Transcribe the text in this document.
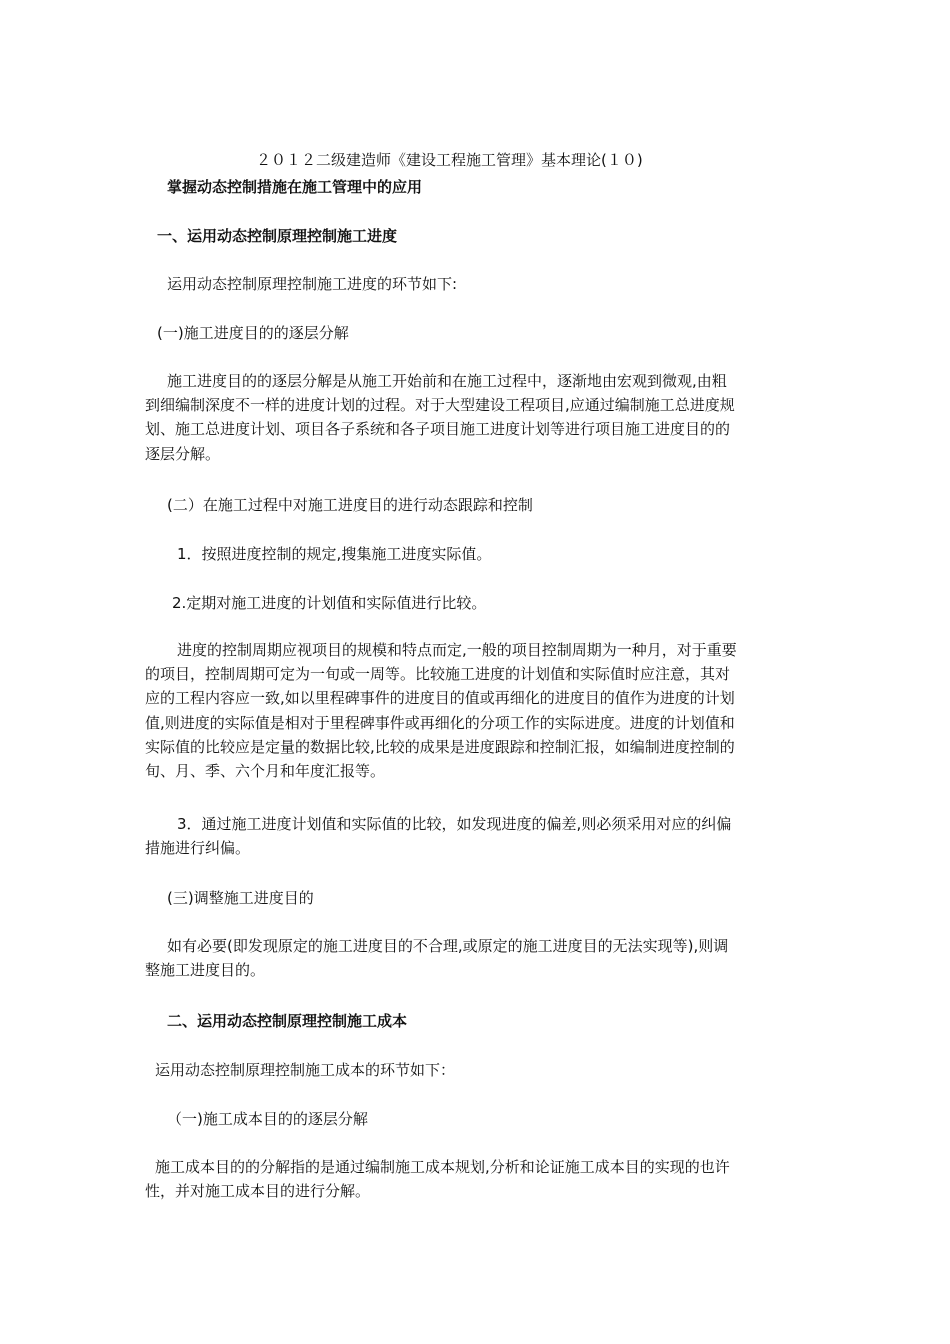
２０１２二级建造师《建设工程施工管理》基本理论(１０)
掌握动态控制措施在施工管理中的应用
一、运用动态控制原理控制施工进度
运用动态控制原理控制施工进度的环节如下:
(一)施工进度目的的逐层分解
施工进度目的的逐层分解是从施工开始前和在施工过程中，逐渐地由宏观到微观,由粗
到细编制深度不一样的进度计划的过程。对于大型建设工程项目,应通过编制施工总进度规
划、施工总进度计划、项目各子系统和各子项目施工进度计划等进行项目施工进度目的的
逐层分解。
(二）在施工过程中对施工进度目的进行动态跟踪和控制
1．按照进度控制的规定,搜集施工进度实际值。
2.定期对施工进度的计划值和实际值进行比较。
进度的控制周期应视项目的规模和特点而定,一般的项目控制周期为一种月，对于重要
的项目，控制周期可定为一旬或一周等。比较施工进度的计划值和实际值时应注意，其对
应的工程内容应一致,如以里程碑事件的进度目的值或再细化的进度目的值作为进度的计划
值,则进度的实际值是相对于里程碑事件或再细化的分项工作的实际进度。进度的计划值和
实际值的比较应是定量的数据比较,比较的成果是进度跟踪和控制汇报，如编制进度控制的
旬、月、季、六个月和年度汇报等。
3．通过施工进度计划值和实际值的比较，如发现进度的偏差,则必须采用对应的纠偏
措施进行纠偏。
(三)调整施工进度目的
如有必要(即发现原定的施工进度目的不合理,或原定的施工进度目的无法实现等),则调
整施工进度目的。
二、运用动态控制原理控制施工成本
运用动态控制原理控制施工成本的环节如下：
（一)施工成本目的的逐层分解
施工成本目的的分解指的是通过编制施工成本规划,分析和论证施工成本目的实现的也许
性，并对施工成本目的进行分解。
